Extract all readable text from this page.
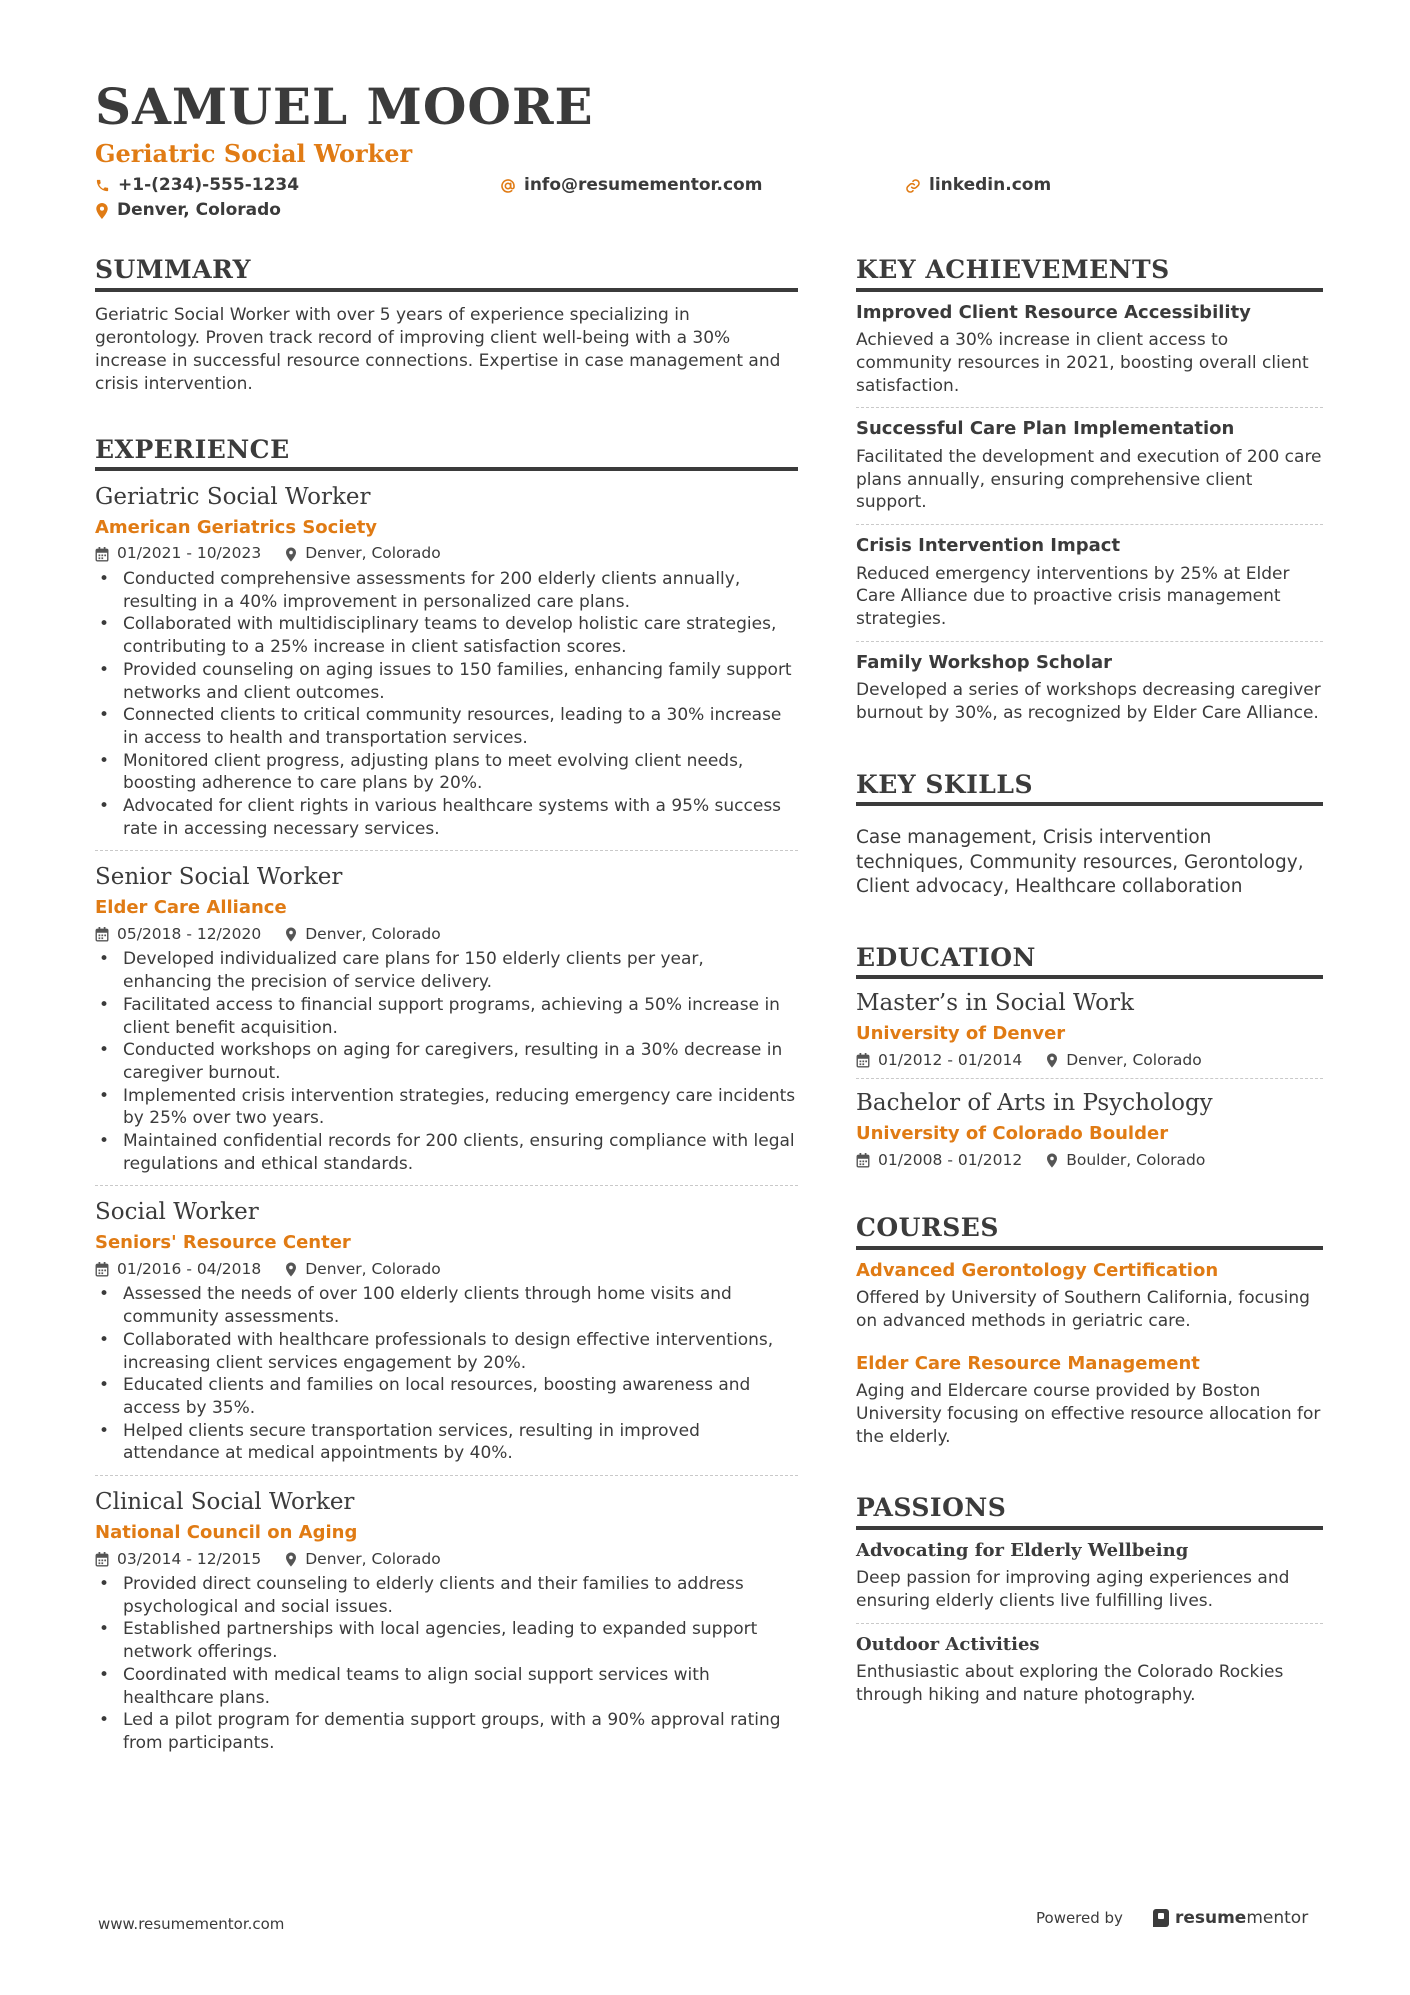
SAMUEL MOORE
Geriatric Social Worker
+1-(234)-555-1234	info@resumementor.com	linkedin.com
Denver, Colorado
SUMMARY
Geriatric Social Worker with over 5 years of experience specializing in gerontology. Proven track record of improving client well-being with a 30% increase in successful resource connections. Expertise in case management and crisis intervention.
EXPERIENCE
Geriatric Social Worker
American Geriatrics Society
01/2021 - 10/2023	Denver, Colorado
• Conducted comprehensive assessments for 200 elderly clients annually, resulting in a 40% improvement in personalized care plans.
• Collaborated with multidisciplinary teams to develop holistic care strategies, contributing to a 25% increase in client satisfaction scores.
• Provided counseling on aging issues to 150 families, enhancing family support networks and client outcomes.
• Connected clients to critical community resources, leading to a 30% increase in access to health and transportation services.
• Monitored client progress, adjusting plans to meet evolving client needs, boosting adherence to care plans by 20%.
• Advocated for client rights in various healthcare systems with a 95% success rate in accessing necessary services.
Senior Social Worker
Elder Care Alliance
05/2018 - 12/2020	Denver, Colorado
• Developed individualized care plans for 150 elderly clients per year, enhancing the precision of service delivery.
• Facilitated access to financial support programs, achieving a 50% increase in client benefit acquisition.
• Conducted workshops on aging for caregivers, resulting in a 30% decrease in caregiver burnout.
• Implemented crisis intervention strategies, reducing emergency care incidents by 25% over two years.
• Maintained confidential records for 200 clients, ensuring compliance with legal regulations and ethical standards.
Social Worker
Seniors' Resource Center
01/2016 - 04/2018	Denver, Colorado
• Assessed the needs of over 100 elderly clients through home visits and community assessments.
• Collaborated with healthcare professionals to design effective interventions, increasing client services engagement by 20%.
• Educated clients and families on local resources, boosting awareness and access by 35%.
• Helped clients secure transportation services, resulting in improved attendance at medical appointments by 40%.
Clinical Social Worker
National Council on Aging
03/2014 - 12/2015	Denver, Colorado
• Provided direct counseling to elderly clients and their families to address psychological and social issues.
• Established partnerships with local agencies, leading to expanded support network offerings.
• Coordinated with medical teams to align social support services with healthcare plans.
• Led a pilot program for dementia support groups, with a 90% approval rating from participants.
KEY ACHIEVEMENTS
Improved Client Resource Accessibility
Achieved a 30% increase in client access to community resources in 2021, boosting overall client satisfaction.
Successful Care Plan Implementation
Facilitated the development and execution of 200 care plans annually, ensuring comprehensive client support.
Crisis Intervention Impact
Reduced emergency interventions by 25% at Elder Care Alliance due to proactive crisis management strategies.
Family Workshop Scholar
Developed a series of workshops decreasing caregiver burnout by 30%, as recognized by Elder Care Alliance.
KEY SKILLS
Case management, Crisis intervention techniques, Community resources, Gerontology, Client advocacy, Healthcare collaboration
EDUCATION
Master’s in Social Work
University of Denver
01/2012 - 01/2014	Denver, Colorado
Bachelor of Arts in Psychology
University of Colorado Boulder
01/2008 - 01/2012	Boulder, Colorado
COURSES
Advanced Gerontology Certification
Offered by University of Southern California, focusing on advanced methods in geriatric care.
Elder Care Resource Management
Aging and Eldercare course provided by Boston University focusing on effective resource allocation for the elderly.
PASSIONS
Advocating for Elderly Wellbeing
Deep passion for improving aging experiences and ensuring elderly clients live fulfilling lives.
Outdoor Activities
Enthusiastic about exploring the Colorado Rockies through hiking and nature photography.
www.resumementor.com	Powered by	resume mentor
